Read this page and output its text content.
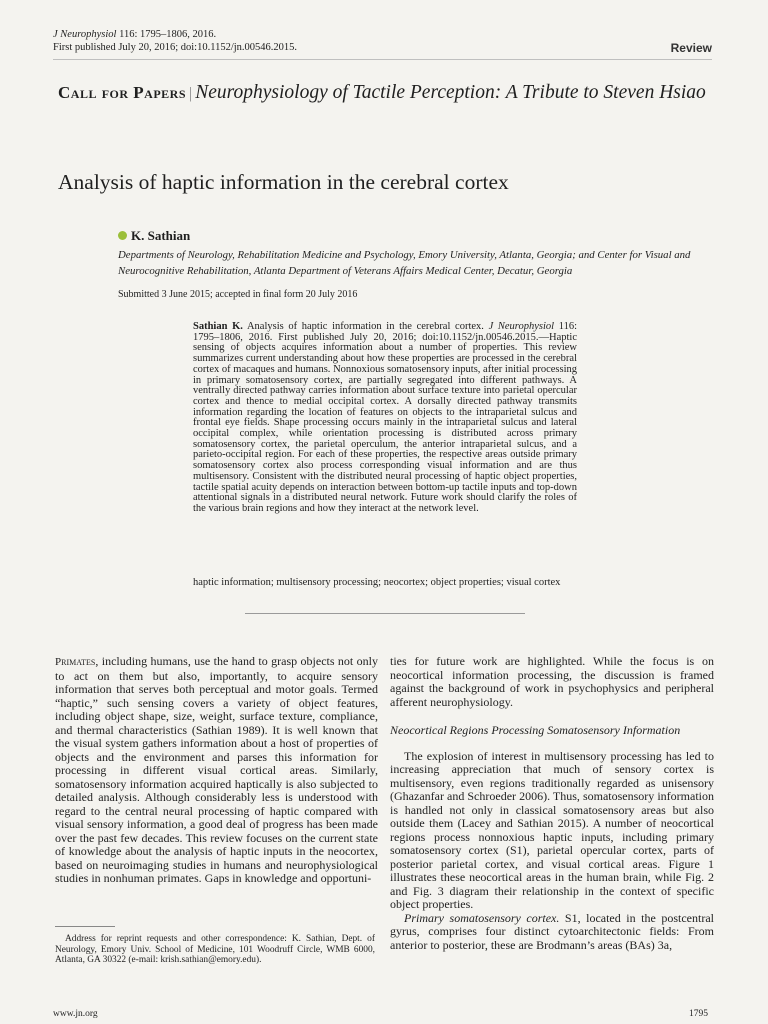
J Neurophysiol 116: 1795–1806, 2016.
First published July 20, 2016; doi:10.1152/jn.00546.2015.	Review
Call for Papers | Neurophysiology of Tactile Perception: A Tribute to Steven Hsiao
Analysis of haptic information in the cerebral cortex
K. Sathian
Departments of Neurology, Rehabilitation Medicine and Psychology, Emory University, Atlanta, Georgia; and Center for Visual and Neurocognitive Rehabilitation, Atlanta Department of Veterans Affairs Medical Center, Decatur, Georgia
Submitted 3 June 2015; accepted in final form 20 July 2016
Sathian K. Analysis of haptic information in the cerebral cortex. J Neurophysiol 116: 1795–1806, 2016. First published July 20, 2016; doi:10.1152/jn.00546.2015.—Haptic sensing of objects acquires information about a number of properties. This review summarizes current understanding about how these properties are processed in the cerebral cortex of macaques and humans. Nonnoxious somatosensory inputs, after initial processing in primary somatosensory cortex, are partially segregated into different pathways. A ventrally directed pathway carries information about surface texture into parietal opercular cortex and thence to medial occipital cortex. A dorsally directed pathway transmits information regarding the location of features on objects to the intraparietal sulcus and frontal eye fields. Shape processing occurs mainly in the intraparietal sulcus and lateral occipital complex, while orientation processing is distributed across primary somatosensory cortex, the parietal operculum, the anterior intraparietal sulcus, and a parieto-occipital region. For each of these properties, the respective areas outside primary somatosensory cortex also process corresponding visual information and are thus multisensory. Consistent with the distributed neural processing of haptic object properties, tactile spatial acuity depends on interaction between bottom-up tactile inputs and top-down attentional signals in a distributed neural network. Future work should clarify the roles of the various brain regions and how they interact at the network level.
haptic information; multisensory processing; neocortex; object properties; visual cortex

Primates, including humans, use the hand to grasp objects not only to act on them but also, importantly, to acquire sensory information that serves both perceptual and motor goals. Termed “haptic,” such sensing covers a variety of object features, including object shape, size, weight, surface texture, compliance, and thermal characteristics (Sathian 1989). It is well known that the visual system gathers information about a host of properties of objects and the environment and parses this information for processing in different visual cortical areas. Similarly, somatosensory information acquired haptically is also subjected to detailed analysis. Although considerably less is understood with regard to the central neural processing of haptic compared with visual sensory information, a good deal of progress has been made over the past few decades. This review focuses on the current state of knowledge about the analysis of haptic inputs in the neocortex, based on neuroimaging studies in humans and neurophysiological studies in nonhuman primates. Gaps in knowledge and opportuni-

ties for future work are highlighted. While the focus is on neocortical information processing, the discussion is framed against the background of work in psychophysics and peripheral afferent neurophysiology.

Neocortical Regions Processing Somatosensory Information

The explosion of interest in multisensory processing has led to increasing appreciation that much of sensory cortex is multisensory, even regions traditionally regarded as unisensory (Ghazanfar and Schroeder 2006). Thus, somatosensory information is handled not only in classical somatosensory areas but also outside them (Lacey and Sathian 2015). A number of neocortical regions process nonnoxious haptic inputs, including primary somatosensory cortex (S1), parietal opercular cortex, parts of posterior parietal cortex, and visual cortical areas. Figure 1 illustrates these neocortical areas in the human brain, while Fig. 2 and Fig. 3 diagram their relationship in the context of specific object properties.

Primary somatosensory cortex. S1, located in the postcentral gyrus, comprises four distinct cytoarchitectonic fields: From anterior to posterior, these are Brodmann’s areas (BAs) 3a,

Address for reprint requests and other correspondence: K. Sathian, Dept. of Neurology, Emory Univ. School of Medicine, 101 Woodruff Circle, WMB 6000, Atlanta, GA 30322 (e-mail: krish.sathian@emory.edu).
www.jn.org	1795
